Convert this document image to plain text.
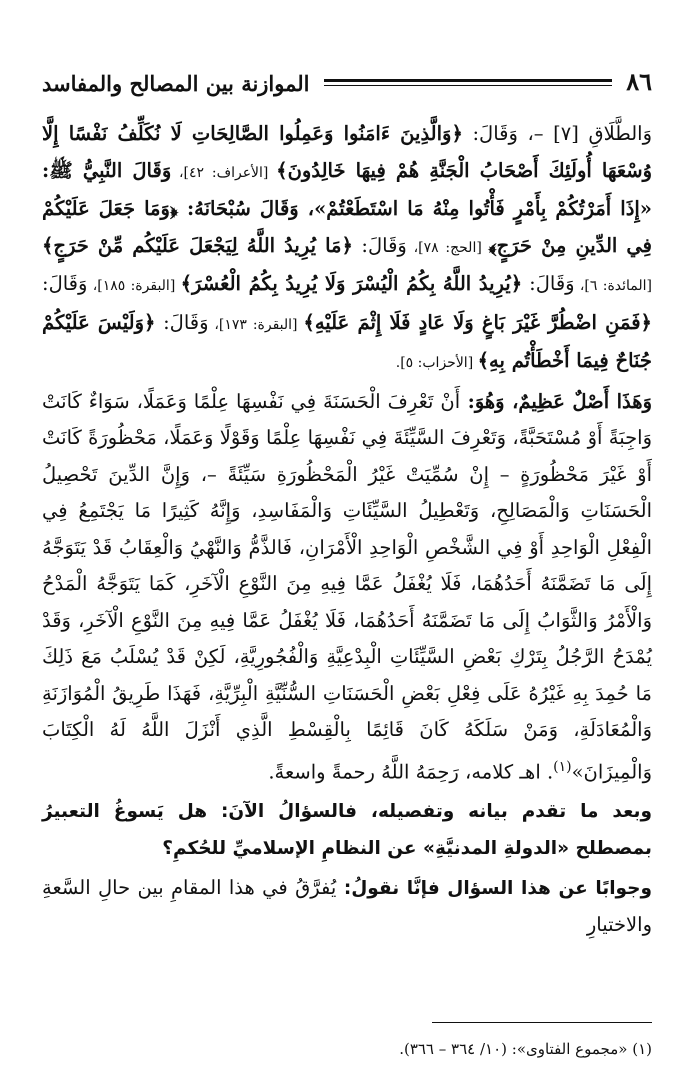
٨٦
الموازنة بين المصالح والمفاسد

وَالطَّلَاقِ [٧] –، وَقَالَ: ﴿وَالَّذِينَ ءَامَنُوا وَعَمِلُوا الصَّالِحَاتِ لَا نُكَلِّفُ نَفْسًا إِلَّا وُسْعَهَا أُولَئِكَ أَصْحَابُ الْجَنَّةِ هُمْ فِيهَا خَالِدُونَ﴾ [الأعراف: ٤٢]، وَقَالَ النَّبِيُّ ﷺ: «إِذَا أَمَرْتُكُمْ بِأَمْرٍ فَأْتُوا مِنْهُ مَا اسْتَطَعْتُمْ»، وَقَالَ سُبْحَانَهُ: ﴿وَمَا جَعَلَ عَلَيْكُمْ فِي الدِّينِ مِنْ حَرَجٍ﴾ [الحج: ٧٨]، وَقَالَ: ﴿مَا يُرِيدُ اللَّهُ لِيَجْعَلَ عَلَيْكُم مِّنْ حَرَجٍ﴾ [المائدة: ٦]، وَقَالَ: ﴿يُرِيدُ اللَّهُ بِكُمُ الْيُسْرَ وَلَا يُرِيدُ بِكُمُ الْعُسْرَ﴾ [البقرة: ١٨٥]، وَقَالَ: ﴿فَمَنِ اضْطُرَّ غَيْرَ بَاغٍ وَلَا عَادٍ فَلَا إِثْمَ عَلَيْهِ﴾ [البقرة: ١٧٣]، وَقَالَ: ﴿وَلَيْسَ عَلَيْكُمْ جُنَاحٌ فِيمَا أَخْطَأْتُم بِهِ﴾ [الأحزاب: ٥].

وَهَذَا أَصْلٌ عَظِيمٌ، وَهُوَ: أَنْ تَعْرِفَ الْحَسَنَةَ فِي نَفْسِهَا عِلْمًا وَعَمَلًا، سَوَاءٌ كَانَتْ وَاجِبَةً أَوْ مُسْتَحَبَّةً، وَتَعْرِفَ السَّيِّئَةَ فِي نَفْسِهَا عِلْمًا وَقَوْلًا وَعَمَلًا، مَحْظُورَةً كَانَتْ أَوْ غَيْرَ مَحْظُورَةٍ – إِنْ سُمِّيَتْ غَيْرُ الْمَحْظُورَةِ سَيِّئَةً –، وَإِنَّ الدِّينَ تَحْصِيلُ الْحَسَنَاتِ وَالْمَصَالِحِ، وَتَعْطِيلُ السَّيِّئَاتِ وَالْمَفَاسِدِ، وَإِنَّهُ كَثِيرًا مَا يَجْتَمِعُ فِي الْفِعْلِ الْوَاحِدِ أَوْ فِي الشَّخْصِ الْوَاحِدِ الْأَمْرَانِ، فَالذَّمُّ وَالنَّهْيُ وَالْعِقَابُ قَدْ يَتَوَجَّهُ إِلَى مَا تَضَمَّنَهُ أَحَدُهُمَا، فَلَا يُغْفَلُ عَمَّا فِيهِ مِنَ النَّوْعِ الْآخَرِ، كَمَا يَتَوَجَّهُ الْمَدْحُ وَالْأَمْرُ وَالثَّوَابُ إِلَى مَا تَضَمَّنَهُ أَحَدُهُمَا، فَلَا يُغْفَلُ عَمَّا فِيهِ مِنَ النَّوْعِ الْآخَرِ، وَقَدْ يُمْدَحُ الرَّجُلُ بِتَرْكِ بَعْضِ السَّيِّئَاتِ الْبِدْعِيَّةِ وَالْفُجُورِيَّةِ، لَكِنْ قَدْ يُسْلَبُ مَعَ ذَلِكَ مَا حُمِدَ بِهِ غَيْرُهُ عَلَى فِعْلِ بَعْضِ الْحَسَنَاتِ السُّنِّيَّةِ الْبِرِّيَّةِ، فَهَذَا طَرِيقُ الْمُوَازَنَةِ وَالْمُعَادَلَةِ، وَمَنْ سَلَكَهُ كَانَ قَائِمًا بِالْقِسْطِ الَّذِي أَنْزَلَ اللَّهُ لَهُ الْكِتَابَ وَالْمِيزَانَ»$^{(١)}$. اهـ كلامه، رَحِمَهُ اللَّهُ رحمةً واسعةً.

وبعد ما تقدم بيانه وتفصيله، فالسؤالُ الآنَ: هل يَسوغُ التعبيرُ بمصطلح «الدولةِ المدنيَّةِ» عن النظامِ الإسلاميِّ للحُكمِ؟

وجوابًا عن هذا السؤال فإنَّا نقولُ: يُفرَّقُ في هذا المقامِ بين حالِ السَّعةِ والاختيارِ

(١) «مجموع الفتاوى»: (١٠/ ٣٦٤ – ٣٦٦).
